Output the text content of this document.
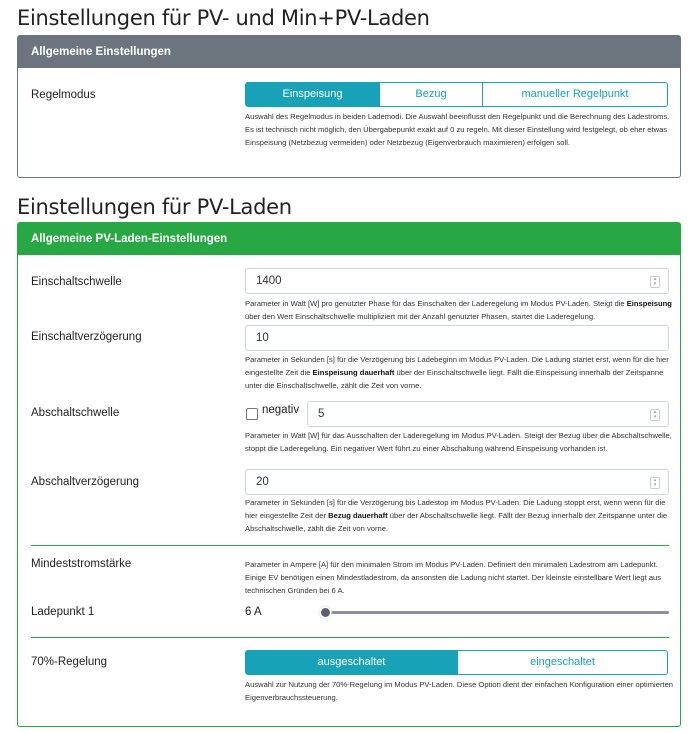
Einstellungen für PV- und Min+PV-Laden
Allgemeine Einstellungen
Regelmodus	Einspeisung	Bezug	manueller Regelpunkt
Auswahl des Regelmodus in beiden Lademodi. Die Auswahl beeinflusst den Regelpunkt und die Berechnung des Ladestroms. Es ist technisch nicht möglich, den Übergabepunkt exakt auf 0 zu regeln. Mit dieser Einstellung wird festgelegt, ob eher etwas Einspeisung (Netzbezug vermeiden) oder Netzbezug (Eigenverbrauch maximieren) erfolgen soll.
Einstellungen für PV-Laden
Allgemeine PV-Laden-Einstellungen
Einschaltschwelle	1400	▴
▾
Parameter in Watt [W] pro genutzter Phase für das Einschalten der Laderegelung im Modus PV-Laden. Steigt die Einspeisung über den Wert Einschaltschwelle multipliziert mit der Anzahl genutzter Phasen, startet die Laderegelung.
Einschaltverzögerung	10
Parameter in Sekunden [s] für die Verzögerung bis Ladebeginn im Modus PV-Laden. Die Ladung startet erst, wenn für die hier eingestellte Zeit die Einspeisung dauerhaft über der Einschaltschwelle liegt. Fällt die Einspeisung innerhalb der Zeitspanne unter die Einschaltschwelle, zählt die Zeit von vorne.
Abschaltschwelle	negativ	5	▴
▾
Parameter in Watt [W] für das Ausschalten der Laderegelung im Modus PV-Laden. Steigt der Bezug über die Abschaltschwelle, stoppt die Laderegelung. Ein negativer Wert führt zu einer Abschaltung während Einspeisung vorhanden ist.
Abschaltverzögerung	20	▴
▾
Parameter in Sekunden [s] für die Verzögerung bis Ladestop im Modus PV-Laden. Die Ladung stoppt erst, wenn wenn für die hier eingestellte Zeit der Bezug dauerhaft über der Abschaltschwelle liegt. Fällt der Bezug innerhalb der Zeitspanne unter die Abschaltschwelle, zählt die Zeit von vorne.
Mindeststromstärke	Parameter in Ampere [A] für den minimalen Strom im Modus PV-Laden. Definiert den minimalen Ladestrom am Ladepunkt. Einige EV benötigen einen Mindestladestrom, da ansonsten die Ladung nicht startet. Der kleinste einstellbare Wert liegt aus technischen Gründen bei 6 A.
Ladepunkt 1	6 A
70%-Regelung	ausgeschaltet	eingeschaltet
Auswahl zur Nutzung der 70%-Regelung im Modus PV-Laden. Diese Option dient der einfachen Konfiguration einer optimierten Eigenverbrauchssteuerung.
